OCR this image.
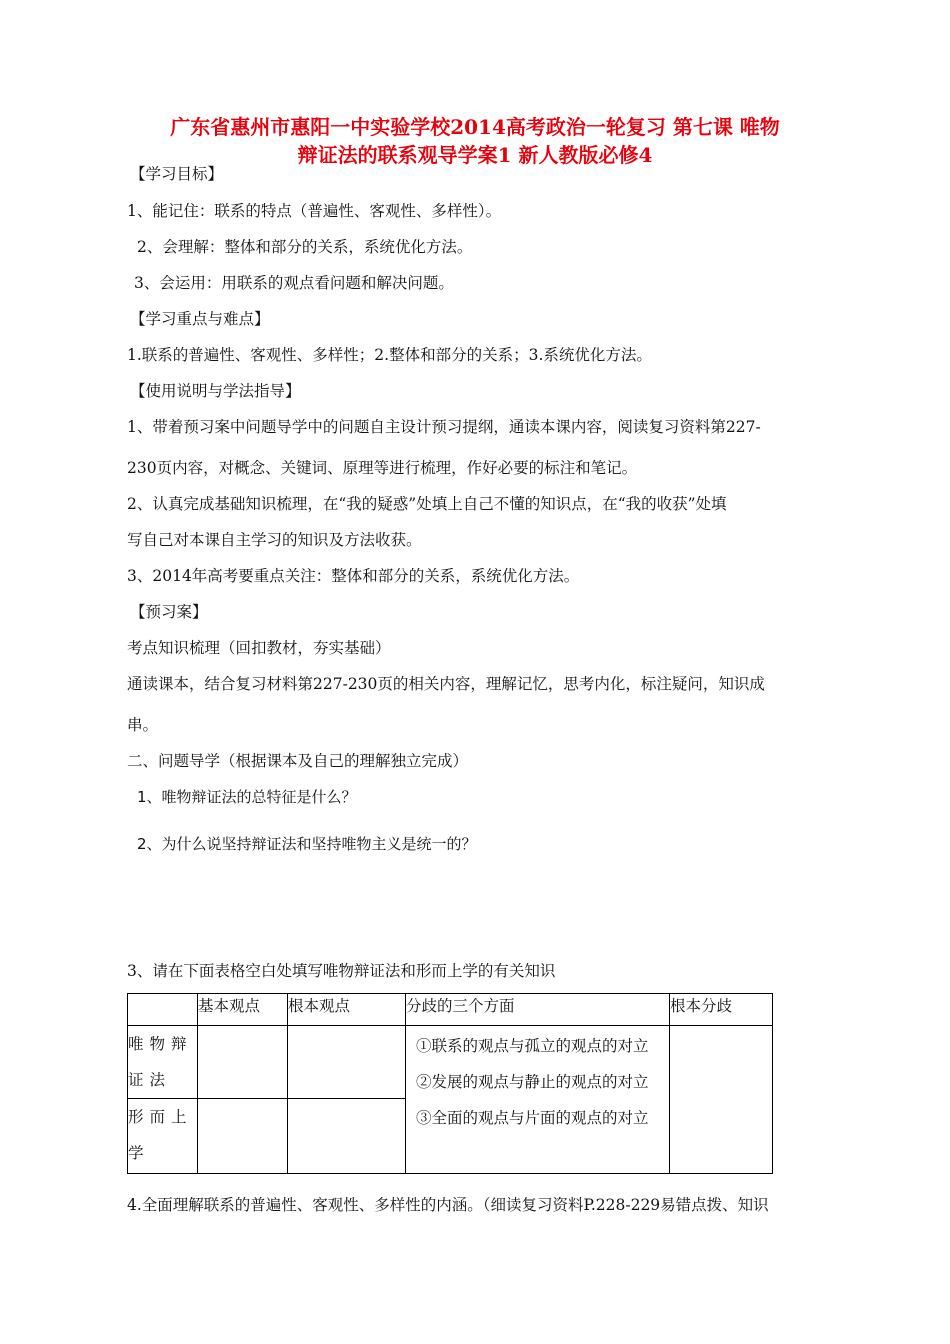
广东省惠州市惠阳一中实验学校2014高考政治一轮复习 第七课 唯物
辩证法的联系观导学案1 新人教版必修4
【学习目标】
1、能记住：联系的特点（普遍性、客观性、多样性）。
2、会理解：整体和部分的关系，系统优化方法。
3、会运用：用联系的观点看问题和解决问题。
【学习重点与难点】
1.联系的普遍性、客观性、多样性；2.整体和部分的关系；3.系统优化方法。
【使用说明与学法指导】
1、带着预习案中问题导学中的问题自主设计预习提纲，通读本课内容，阅读复习资料第227-
230页内容，对概念、关键词、原理等进行梳理，作好必要的标注和笔记。
2、认真完成基础知识梳理，在“我的疑惑”处填上自己不懂的知识点，在“我的收获”处填
写自己对本课自主学习的知识及方法收获。
3、2014年高考要重点关注：整体和部分的关系，系统优化方法。
【预习案】
考点知识梳理（回扣教材，夯实基础）
通读课本，结合复习材料第227-230页的相关内容，理解记忆，思考内化，标注疑问，知识成
串。
二、问题导学（根据课本及自己的理解独立完成）
1、唯物辩证法的总特征是什么？
2、为什么说坚持辩证法和坚持唯物主义是统一的？
3、请在下面表格空白处填写唯物辩证法和形而上学的有关知识
	基本观点	根本观点	分歧的三个方面	根本分歧
唯物辩证法			①联系的观点与孤立的观点的对立
②发展的观点与静止的观点的对立
③全面的观点与片面的观点的对立	

形而上学				
4.全面理解联系的普遍性、客观性、多样性的内涵。（细读复习资料P.228-229易错点拨、知识
